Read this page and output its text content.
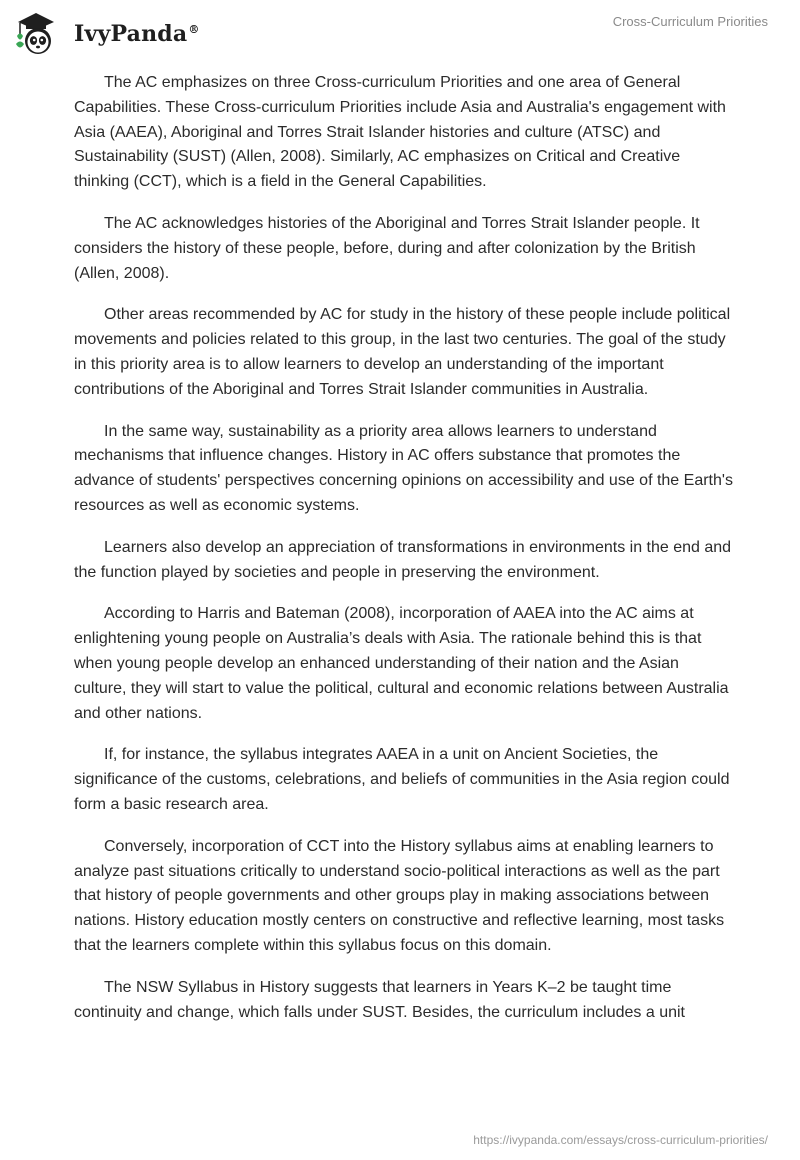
IvyPanda®
Cross-Curriculum Priorities

The AC emphasizes on three Cross-curriculum Priorities and one area of General Capabilities. These Cross-curriculum Priorities include Asia and Australia's engagement with Asia (AAEA), Aboriginal and Torres Strait Islander histories and culture (ATSC) and Sustainability (SUST) (Allen, 2008). Similarly, AC emphasizes on Critical and Creative thinking (CCT), which is a field in the General Capabilities.

The AC acknowledges histories of the Aboriginal and Torres Strait Islander people. It considers the history of these people, before, during and after colonization by the British (Allen, 2008).

Other areas recommended by AC for study in the history of these people include political movements and policies related to this group, in the last two centuries. The goal of the study in this priority area is to allow learners to develop an understanding of the important contributions of the Aboriginal and Torres Strait Islander communities in Australia.

In the same way, sustainability as a priority area allows learners to understand mechanisms that influence changes. History in AC offers substance that promotes the advance of students' perspectives concerning opinions on accessibility and use of the Earth's resources as well as economic systems.

Learners also develop an appreciation of transformations in environments in the end and the function played by societies and people in preserving the environment.

According to Harris and Bateman (2008), incorporation of AAEA into the AC aims at enlightening young people on Australia’s deals with Asia. The rationale behind this is that when young people develop an enhanced understanding of their nation and the Asian culture, they will start to value the political, cultural and economic relations between Australia and other nations.

If, for instance, the syllabus integrates AAEA in a unit on Ancient Societies, the significance of the customs, celebrations, and beliefs of communities in the Asia region could form a basic research area.

Conversely, incorporation of CCT into the History syllabus aims at enabling learners to analyze past situations critically to understand socio-political interactions as well as the part that history of people governments and other groups play in making associations between nations. History education mostly centers on constructive and reflective learning, most tasks that the learners complete within this syllabus focus on this domain.

The NSW Syllabus in History suggests that learners in Years K–2 be taught time continuity and change, which falls under SUST. Besides, the curriculum includes a unit

https://ivypanda.com/essays/cross-curriculum-priorities/
